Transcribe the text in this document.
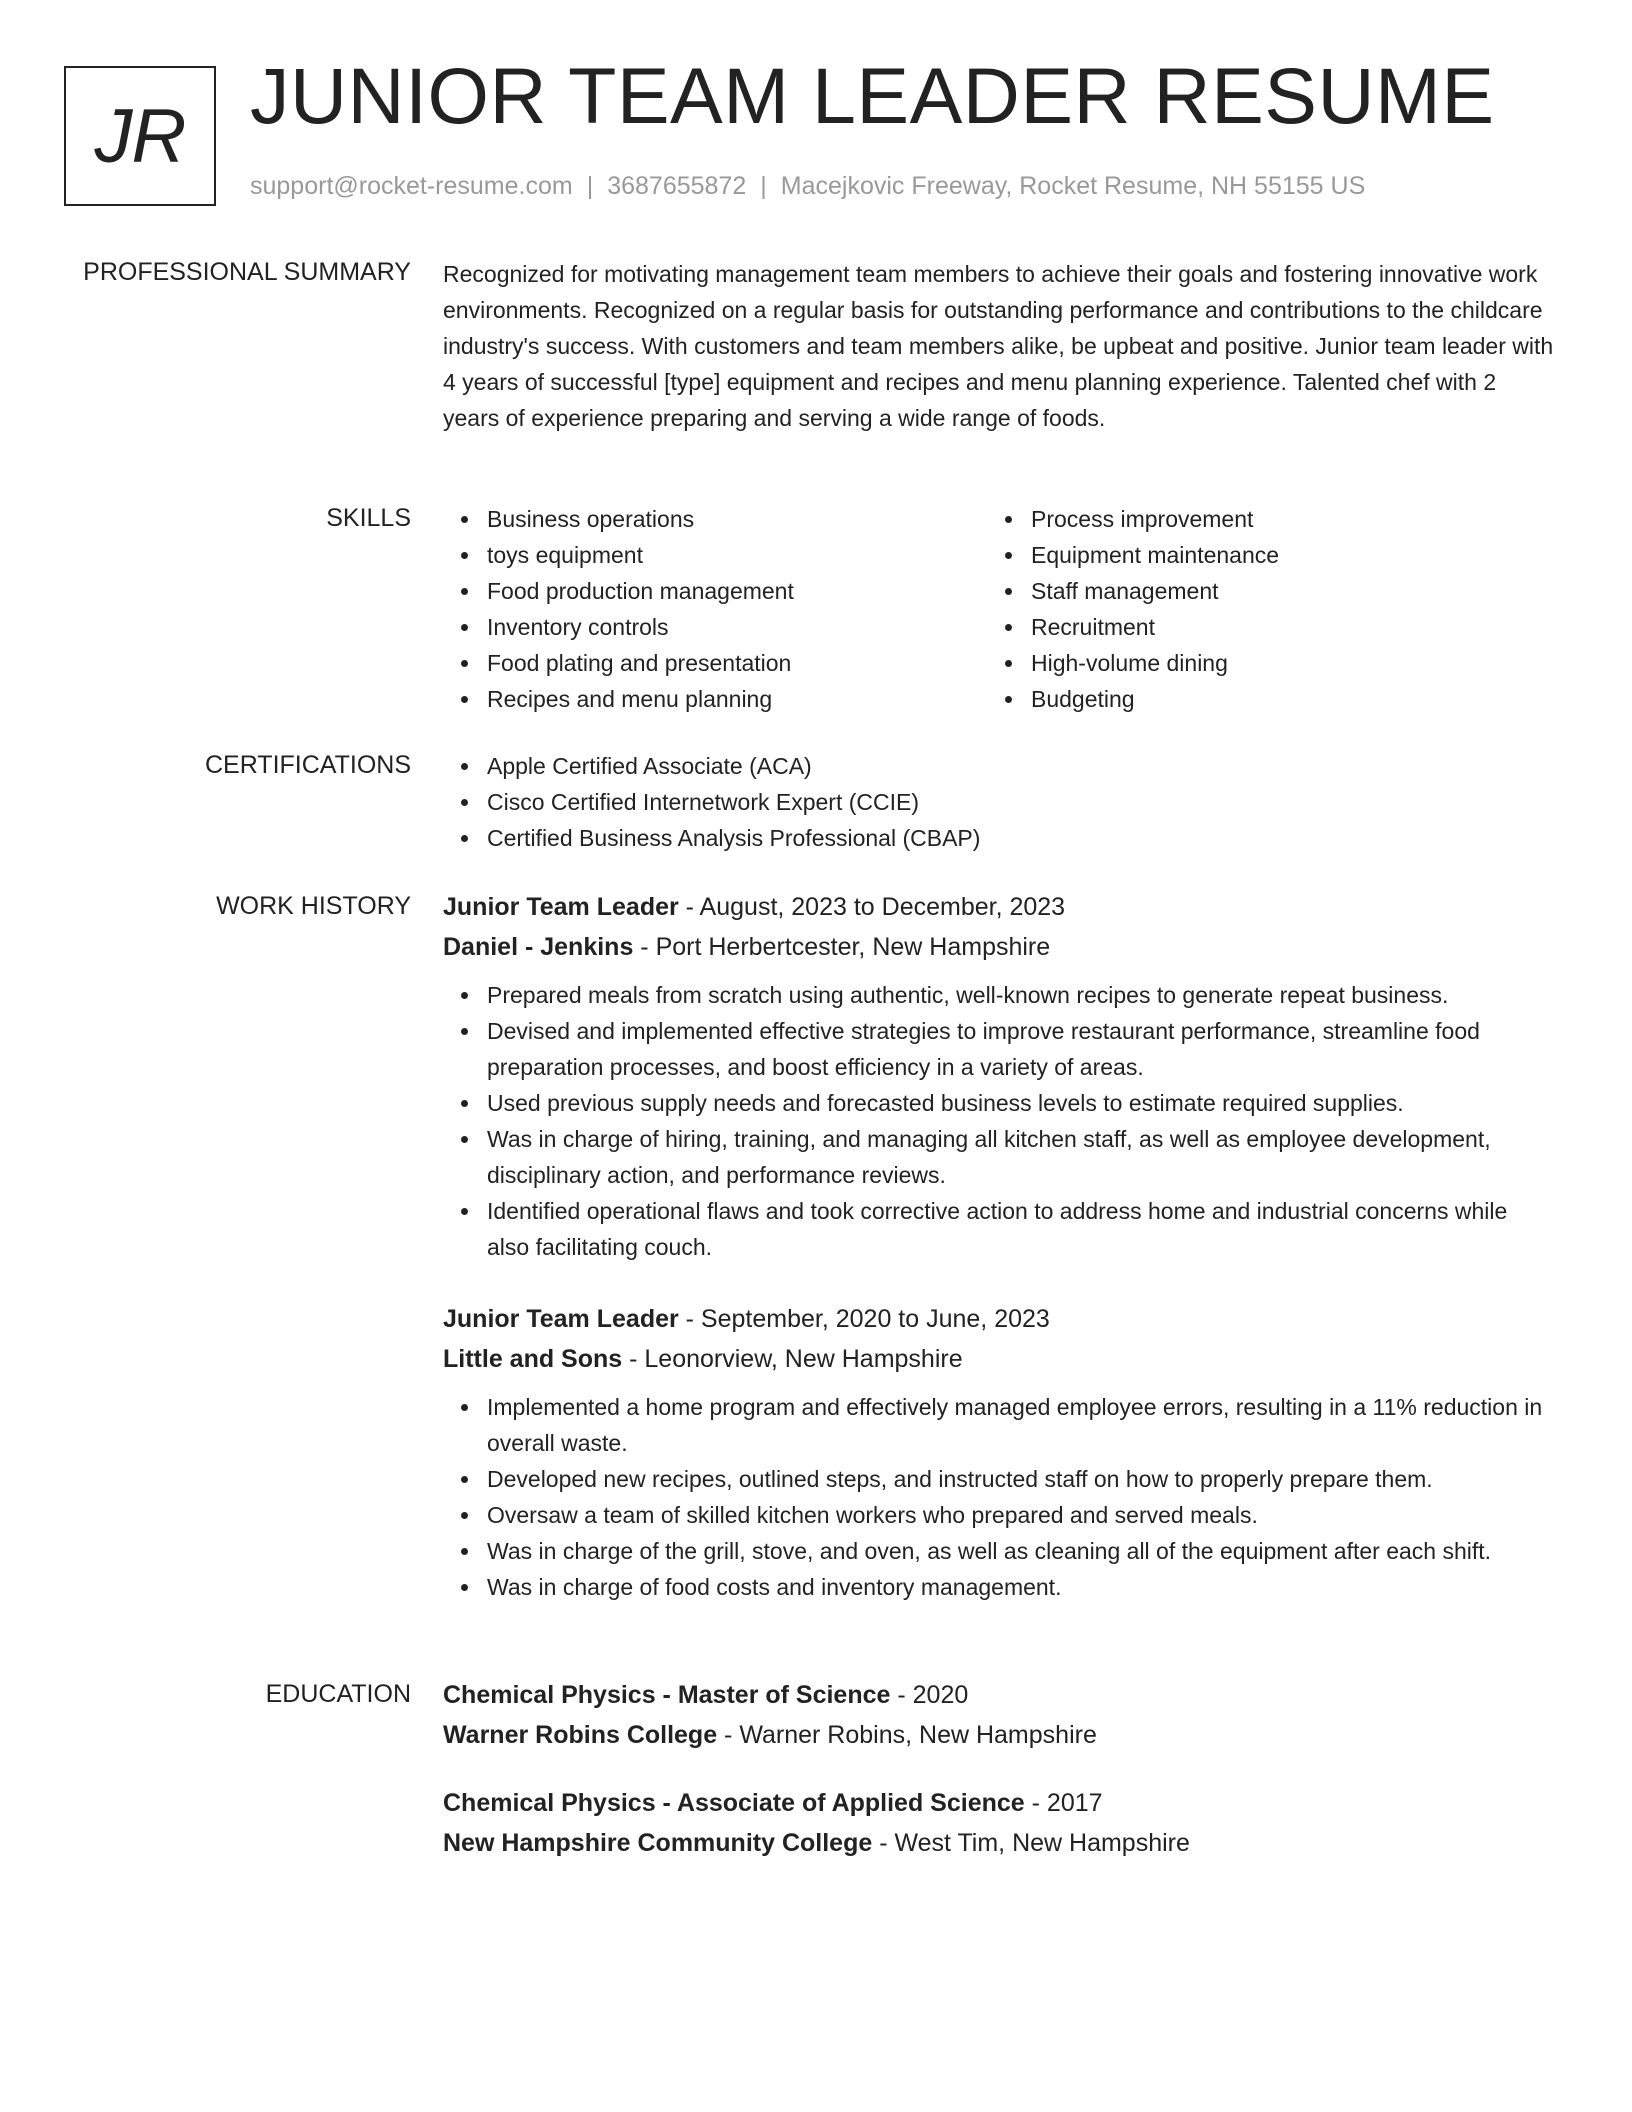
JR JUNIOR TEAM LEADER RESUME
support@rocket-resume.com | 3687655872 | Macejkovic Freeway, Rocket Resume, NH 55155 US
PROFESSIONAL SUMMARY Recognized for motivating management team members to achieve their goals and fostering innovative work environments. Recognized on a regular basis for outstanding performance and contributions to the childcare industry's success. With customers and team members alike, be upbeat and positive. Junior team leader with 4 years of successful [type] equipment and recipes and menu planning experience. Talented chef with 2 years of experience preparing and serving a wide range of foods.

SKILLS	Business operations
toys equipment
Food production management
Inventory controls
Food plating and presentation
Recipes and menu planning
Process improvement
Equipment maintenance
Staff management
Recruitment
High-volume dining
Budgeting
CERTIFICATIONS	Apple Certified Associate (ACA)
Cisco Certified Internetwork Expert (CCIE)
Certified Business Analysis Professional (CBAP)
WORK HISTORY Junior Team Leader - August, 2023 to December, 2023
Daniel - Jenkins - Port Herbertcester, New Hampshire
Prepared meals from scratch using authentic, well-known recipes to generate repeat business.
Devised and implemented effective strategies to improve restaurant performance, streamline food preparation processes, and boost efficiency in a variety of areas.
Used previous supply needs and forecasted business levels to estimate required supplies.
Was in charge of hiring, training, and managing all kitchen staff, as well as employee development, disciplinary action, and performance reviews.
Identified operational flaws and took corrective action to address home and industrial concerns while also facilitating couch.
Junior Team Leader - September, 2020 to June, 2023
Little and Sons - Leonorview, New Hampshire
Implemented a home program and effectively managed employee errors, resulting in a 11% reduction in overall waste.
Developed new recipes, outlined steps, and instructed staff on how to properly prepare them.
Oversaw a team of skilled kitchen workers who prepared and served meals.
Was in charge of the grill, stove, and oven, as well as cleaning all of the equipment after each shift.
Was in charge of food costs and inventory management.
EDUCATION Chemical Physics - Master of Science - 2020
Warner Robins College - Warner Robins, New Hampshire
Chemical Physics - Associate of Applied Science - 2017
New Hampshire Community College - West Tim, New Hampshire
